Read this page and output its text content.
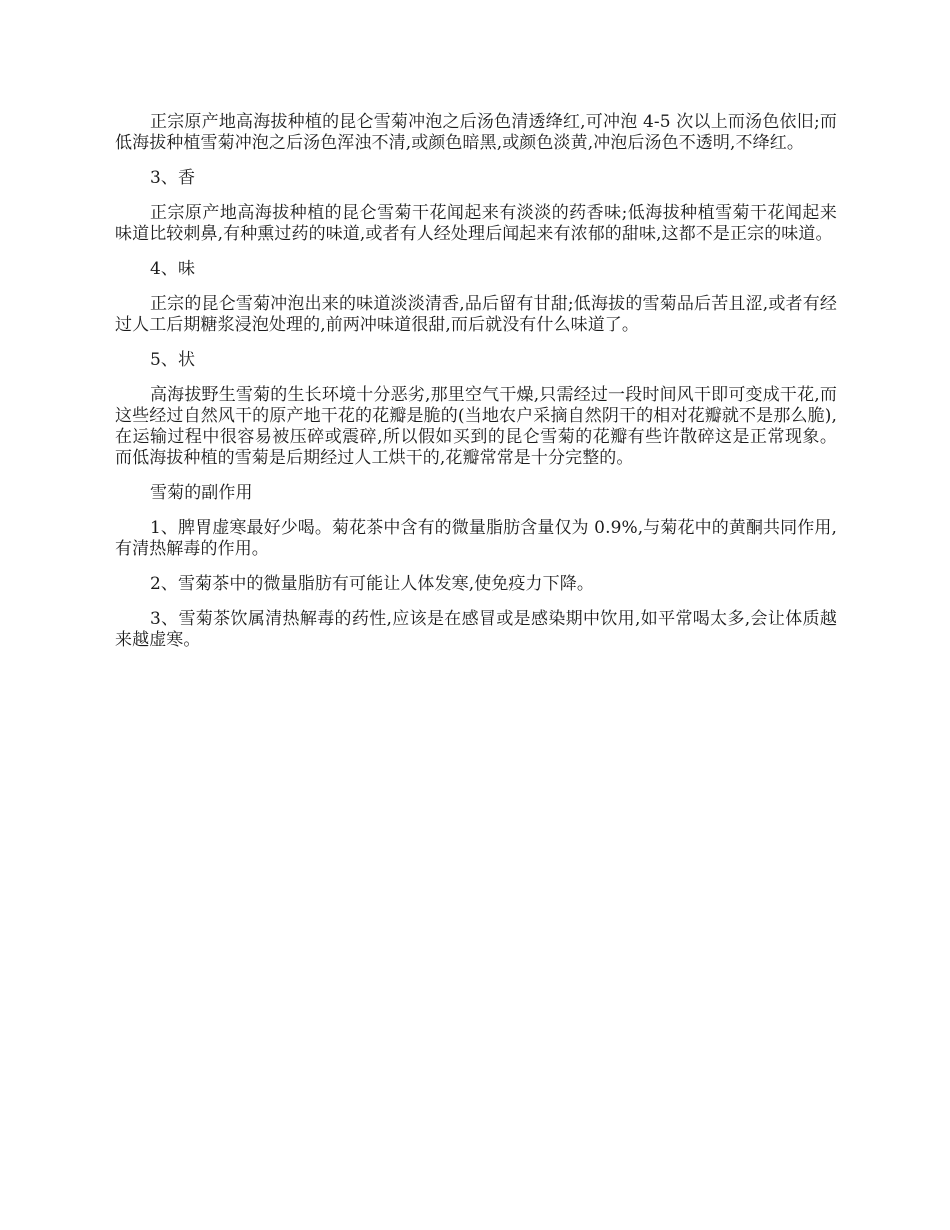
正宗原产地高海拔种植的昆仑雪菊冲泡之后汤色清透绛红,可冲泡 4-5 次以上而汤色依旧;而低海拔种植雪菊冲泡之后汤色浑浊不清,或颜色暗黑,或颜色淡黄,冲泡后汤色不透明,不绛红。

3、香

正宗原产地高海拔种植的昆仑雪菊干花闻起来有淡淡的药香味;低海拔种植雪菊干花闻起来味道比较刺鼻,有种熏过药的味道,或者有人经处理后闻起来有浓郁的甜味,这都不是正宗的味道。

4、味

正宗的昆仑雪菊冲泡出来的味道淡淡清香,品后留有甘甜;低海拔的雪菊品后苦且涩,或者有经过人工后期糖浆浸泡处理的,前两冲味道很甜,而后就没有什么味道了。

5、状

高海拔野生雪菊的生长环境十分恶劣,那里空气干燥,只需经过一段时间风干即可变成干花,而这些经过自然风干的原产地干花的花瓣是脆的(当地农户采摘自然阴干的相对花瓣就不是那么脆),在运输过程中很容易被压碎或震碎,所以假如买到的昆仑雪菊的花瓣有些许散碎这是正常现象。 而低海拔种植的雪菊是后期经过人工烘干的,花瓣常常是十分完整的。

雪菊的副作用

1、脾胃虚寒最好少喝。菊花茶中含有的微量脂肪含量仅为 0.9%,与菊花中的黄酮共同作用,有清热解毒的作用。

2、雪菊茶中的微量脂肪有可能让人体发寒,使免疫力下降。

3、雪菊茶饮属清热解毒的药性,应该是在感冒或是感染期中饮用,如平常喝太多,会让体质越来越虚寒。
